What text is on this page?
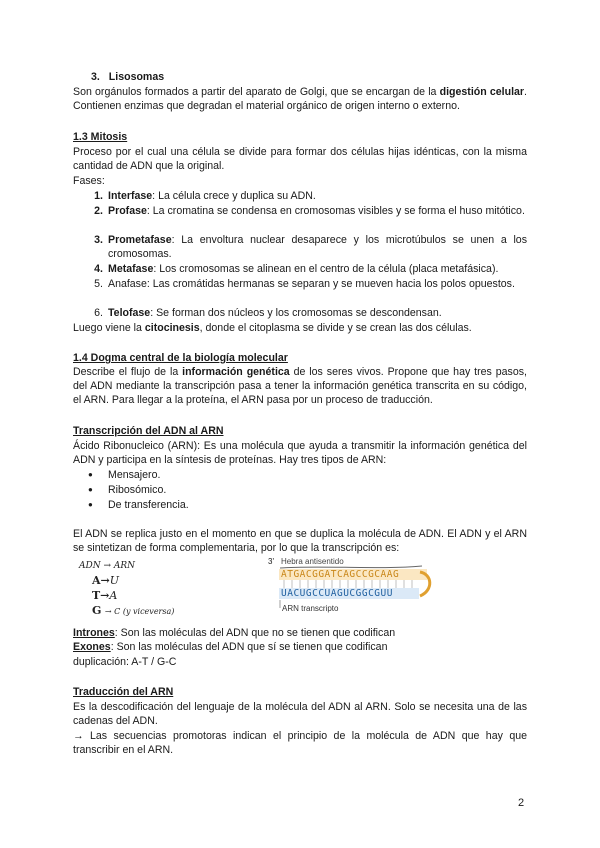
3. Lisosomas
Son orgánulos formados a partir del aparato de Golgi, que se encargan de la digestión celular. Contienen enzimas que degradan el material orgánico de origen interno o externo.
1.3 Mitosis
Proceso por el cual una célula se divide para formar dos células hijas idénticas, con la misma cantidad de ADN que la original.
Fases:
1. Interfase: La célula crece y duplica su ADN.
2. Profase: La cromatina se condensa en cromosomas visibles y se forma el huso mitótico.
3. Prometafase: La envoltura nuclear desaparece y los microtúbulos se unen a los cromosomas.
4. Metafase: Los cromosomas se alinean en el centro de la célula (placa metafásica).
5. Anafase: Las cromátidas hermanas se separan y se mueven hacia los polos opuestos.
6. Telofase: Se forman dos núcleos y los cromosomas se descondensan.
Luego viene la citocinesis, donde el citoplasma se divide y se crean las dos células.
1.4 Dogma central de la biología molecular
Describe el flujo de la información genética de los seres vivos. Propone que hay tres pasos, del ADN mediante la transcripción pasa a tener la información genética transcrita en su código, el ARN. Para llegar a la proteína, el ARN pasa por un proceso de traducción.
Transcripción del ADN al ARN
Ácido Ribonucleico (ARN): Es una molécula que ayuda a transmitir la información genética del ADN y participa en la síntesis de proteínas. Hay tres tipos de ARN:
● Mensajero.
● Ribosómico.
● De transferencia.
El ADN se replica justo en el momento en que se duplica la molécula de ADN. El ADN y el ARN se sintetizan de forma complementaria, por lo que la transcripción es:
ADN → ARN
A→U
T→A
G → C (y viceversa)
3' Hebra antisentido
ATGACGGATCAGCCGCAAG
UACUGCCUAGUCGGCGUU
ARN transcripto
Intrones: Son las moléculas del ADN que no se tienen que codifican
Exones: Son las moléculas del ADN que sí se tienen que codifican
duplicación: A-T / G-C
Traducción del ARN
Es la descodificación del lenguaje de la molécula del ADN al ARN. Solo se necesita una de las cadenas del ADN.
→ Las secuencias promotoras indican el principio de la molécula de ADN que hay que transcribir en el ARN.
2
